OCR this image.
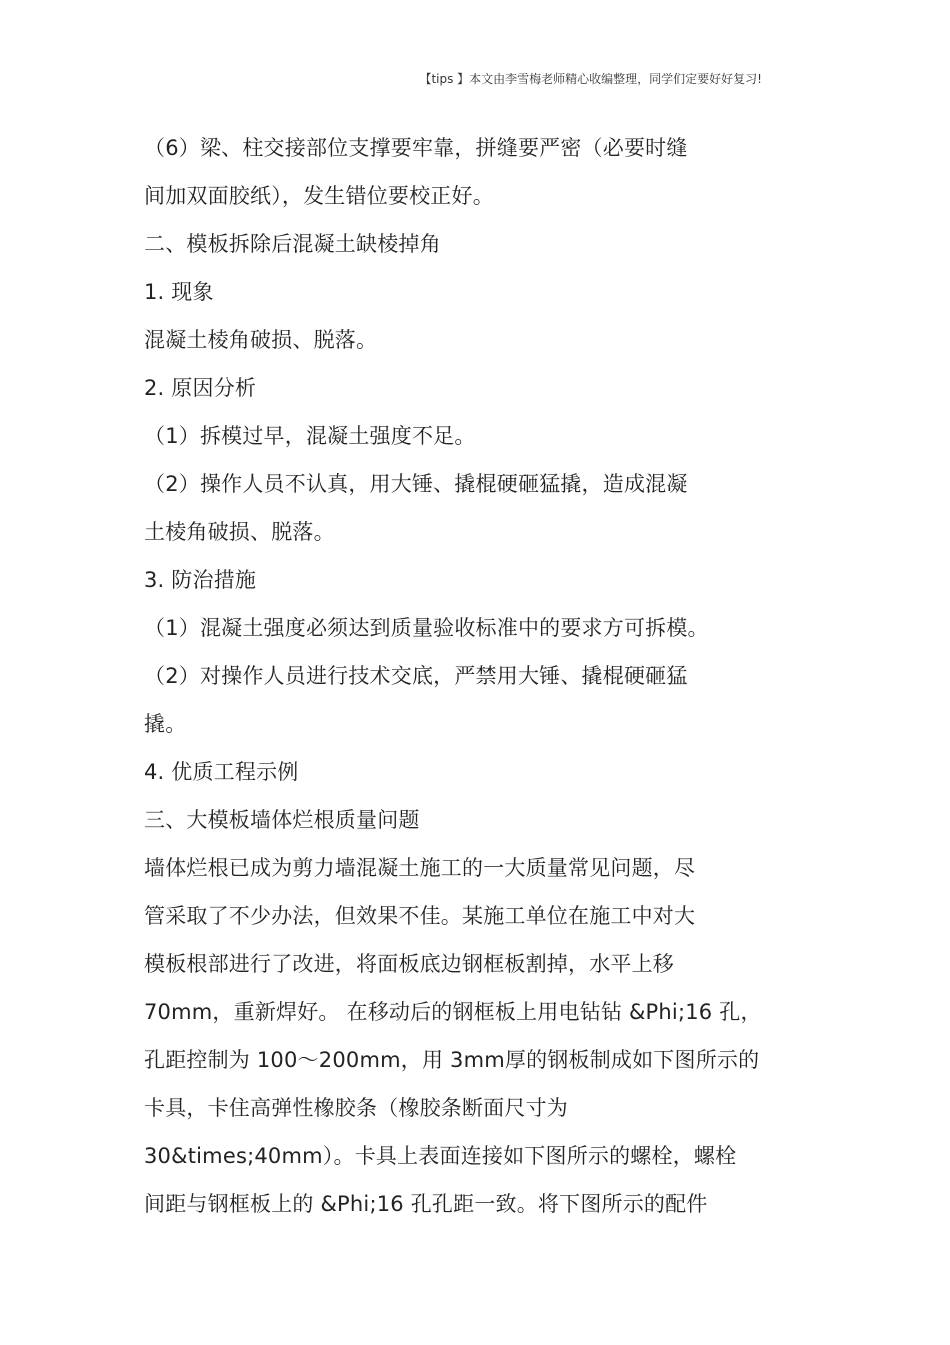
【tips 】本文由李雪梅老师精心收编整理，同学们定要好好复习!
（6）梁、柱交接部位支撑要牢靠，拼缝要严密（必要时缝
间加双面胶纸），发生错位要校正好。
二、模板拆除后混凝土缺棱掉角
1. 现象
混凝土棱角破损、脱落。
2. 原因分析
（1）拆模过早，混凝土强度不足。
（2）操作人员不认真，用大锤、撬棍硬砸猛撬，造成混凝
土棱角破损、脱落。
3. 防治措施
（1）混凝土强度必须达到质量验收标准中的要求方可拆模。
（2）对操作人员进行技术交底，严禁用大锤、撬棍硬砸猛
撬。
4. 优质工程示例
三、大模板墙体烂根质量问题
墙体烂根已成为剪力墙混凝土施工的一大质量常见问题，尽
管采取了不少办法，但效果不佳。某施工单位在施工中对大
模板根部进行了改进，将面板底边钢框板割掉，水平上移
70mm，重新焊好。 在移动后的钢框板上用电钻钻 &Phi;16 孔，
孔距控制为 100～200mm，用 3mm厚的钢板制成如下图所示的
卡具，卡住高弹性橡胶条（橡胶条断面尺寸为
30&times;40mm）。卡具上表面连接如下图所示的螺栓，螺栓
间距与钢框板上的 &Phi;16 孔孔距一致。将下图所示的配件
